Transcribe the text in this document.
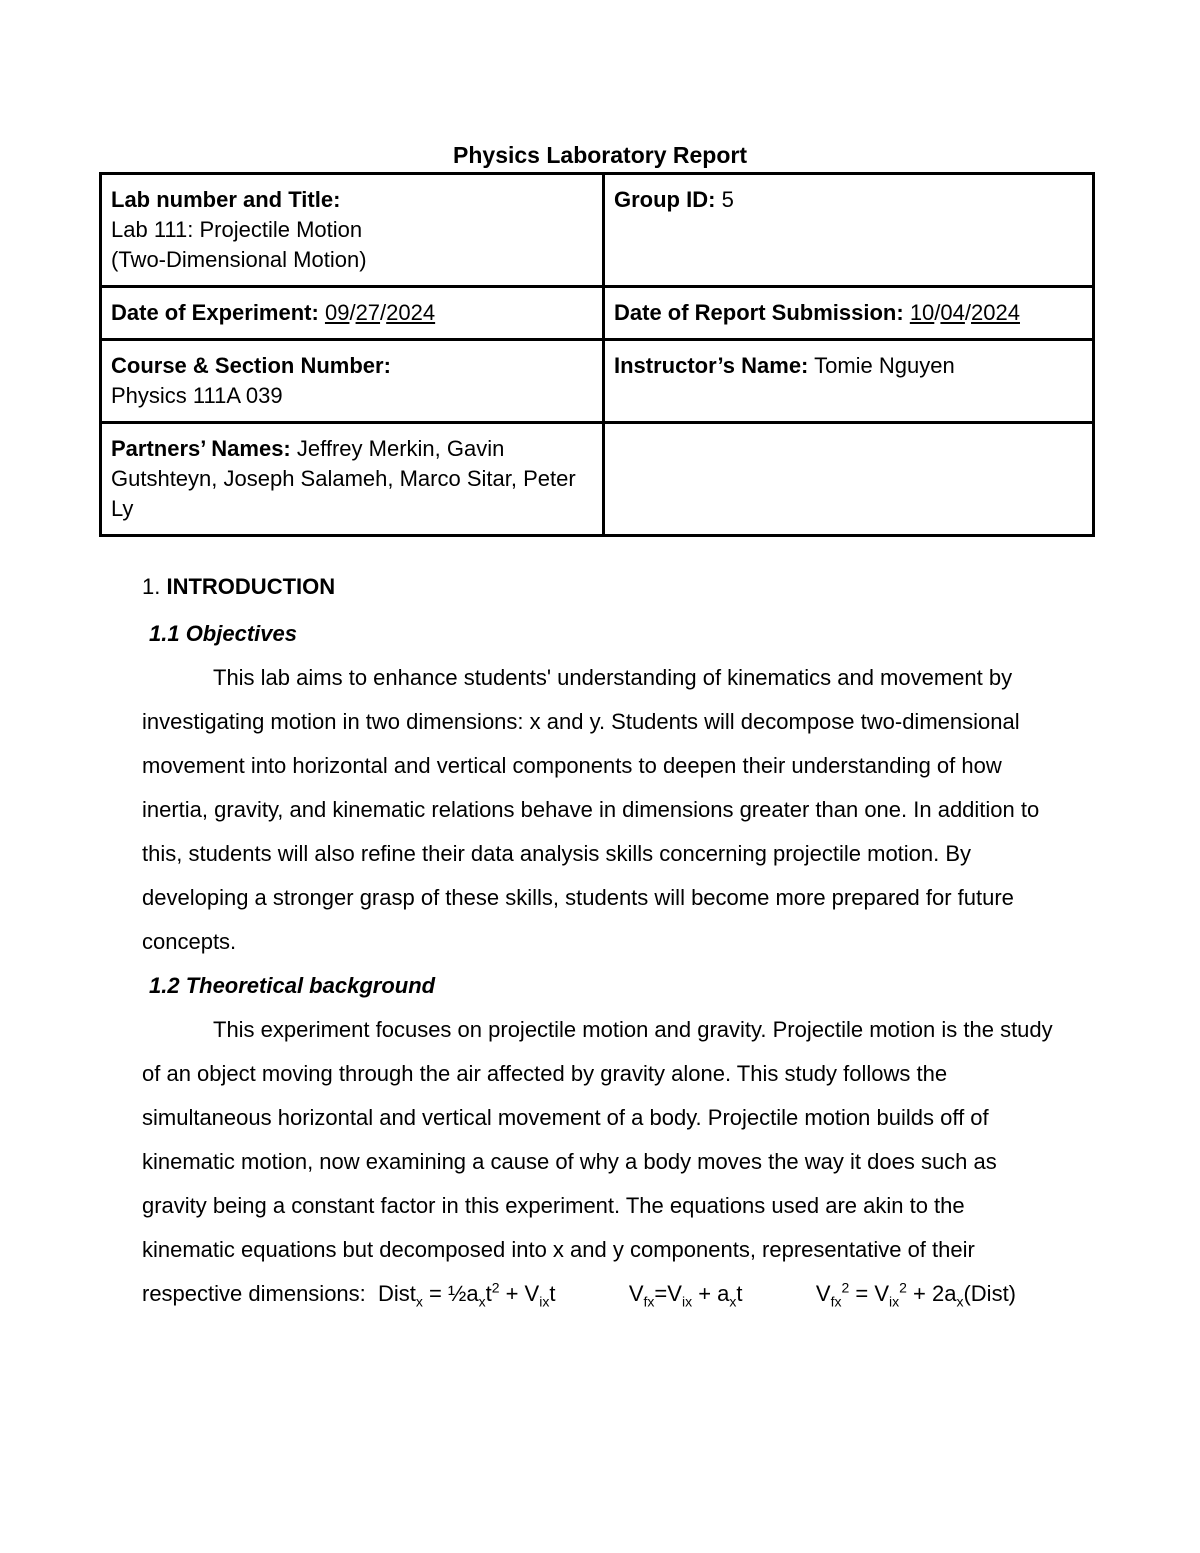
Physics Laboratory Report
Lab number and Title:
Lab 111: Projectile Motion
(Two-Dimensional Motion)	Group ID: 5
Date of Experiment: 09/27/2024	Date of Report Submission: 10/04/2024

Course & Section Number:
Physics 111A 039	Instructor’s Name: Tomie Nguyen
Partners’ Names: Jeffrey Merkin, Gavin Gutshteyn, Joseph Salameh, Marco Sitar, Peter Ly	
1. INTRODUCTION
1.1 Objectives

This lab aims to enhance students' understanding of kinematics and movement by investigating motion in two dimensions: x and y. Students will decompose two-dimensional movement into horizontal and vertical components to deepen their understanding of how inertia, gravity, and kinematic relations behave in dimensions greater than one. In addition to this, students will also refine their data analysis skills concerning projectile motion. By developing a stronger grasp of these skills, students will become more prepared for future concepts.

1.2 Theoretical background

This experiment focuses on projectile motion and gravity. Projectile motion is the study of an object moving through the air affected by gravity alone. This study follows the simultaneous horizontal and vertical movement of a body. Projectile motion builds off of kinematic motion, now examining a cause of why a body moves the way it does such as gravity being a constant factor in this experiment. The equations used are akin to the kinematic equations but decomposed into x and y components, representative of their respective dimensions: Dist$_x$ = $\frac{1}{2}a_xt^2 + V_{ix}t$	$V_{fx}=V_{ix} + a_xt$	$V_{fx}^2 = V_{ix}^2$ + $2a_x(Dist)$
